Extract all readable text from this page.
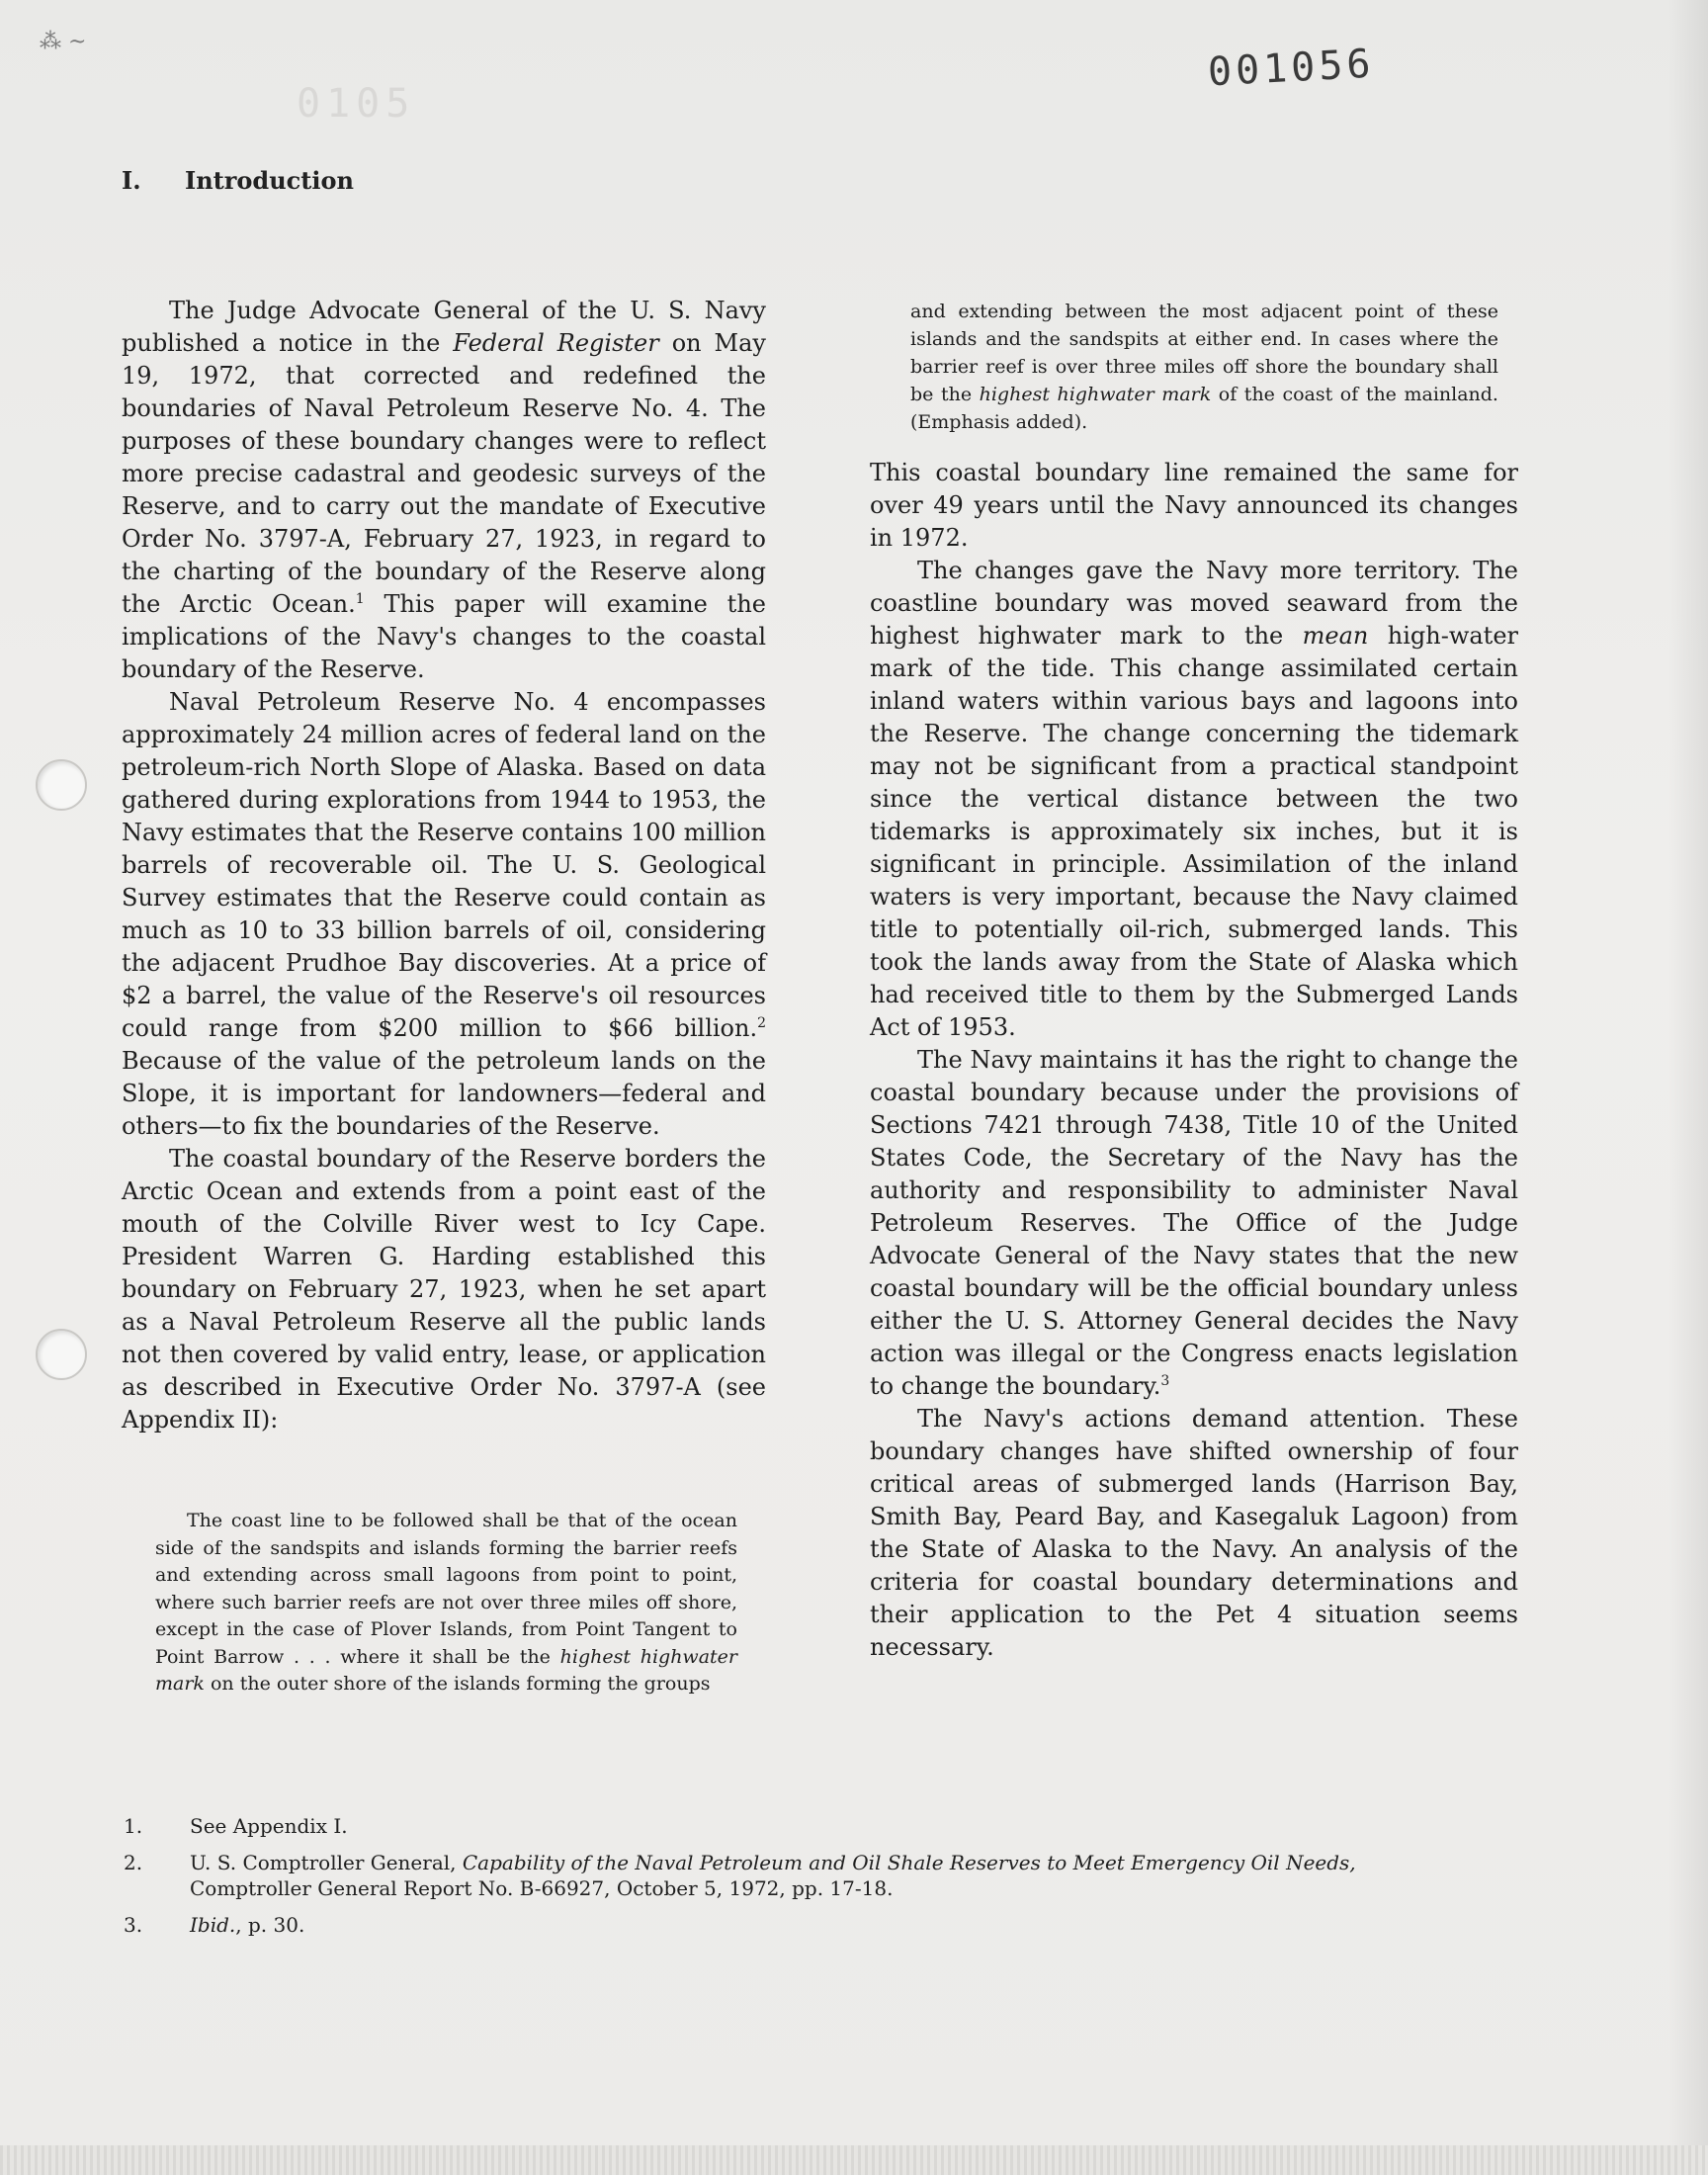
⁂ ~
0105
001056
I. Introduction

The Judge Advocate General of the U. S. Navy published a notice in the Federal Register on May 19, 1972, that corrected and redefined the boundaries of Naval Petroleum Reserve No. 4. The purposes of these boundary changes were to reflect more precise cadastral and geodesic surveys of the Reserve, and to carry out the mandate of Executive Order No. 3797-A, February 27, 1923, in regard to the charting of the boundary of the Reserve along the Arctic Ocean.$^1$ This paper will examine the implications of the Navy's changes to the coastal boundary of the Reserve.

Naval Petroleum Reserve No. 4 encompasses approximately 24 million acres of federal land on the petroleum-rich North Slope of Alaska. Based on data gathered during explorations from 1944 to 1953, the Navy estimates that the Reserve contains 100 million barrels of recoverable oil. The U. S. Geological Survey estimates that the Reserve could contain as much as 10 to 33 billion barrels of oil, considering the adjacent Prudhoe Bay discoveries. At a price of $2 a barrel, the value of the Reserve's oil resources could range from $200 million to $66 billion.$^2$ Because of the value of the petroleum lands on the Slope, it is important for landowners—federal and others—to fix the boundaries of the Reserve.

The coastal boundary of the Reserve borders the Arctic Ocean and extends from a point east of the mouth of the Colville River west to Icy Cape. President Warren G. Harding established this boundary on February 27, 1923, when he set apart as a Naval Petroleum Reserve all the public lands not then covered by valid entry, lease, or application as described in Executive Order No. 3797-A (see Appendix II):

The coast line to be followed shall be that of the ocean side of the sandspits and islands forming the barrier reefs and extending across small lagoons from point to point, where such barrier reefs are not over three miles off shore, except in the case of Plover Islands, from Point Tangent to Point Barrow . . . where it shall be the highest highwater mark on the outer shore of the islands forming the groups
and extending between the most adjacent point of these islands and the sandspits at either end. In cases where the barrier reef is over three miles off shore the boundary shall be the highest highwater mark of the coast of the mainland. (Emphasis added).

This coastal boundary line remained the same for over 49 years until the Navy announced its changes in 1972.

The changes gave the Navy more territory. The coastline boundary was moved seaward from the highest highwater mark to the mean high-water mark of the tide. This change assimilated certain inland waters within various bays and lagoons into the Reserve. The change concerning the tidemark may not be significant from a practical standpoint since the vertical distance between the two tidemarks is approximately six inches, but it is significant in principle. Assimilation of the inland waters is very important, because the Navy claimed title to potentially oil-rich, submerged lands. This took the lands away from the State of Alaska which had received title to them by the Submerged Lands Act of 1953.

The Navy maintains it has the right to change the coastal boundary because under the provisions of Sections 7421 through 7438, Title 10 of the United States Code, the Secretary of the Navy has the authority and responsibility to administer Naval Petroleum Reserves. The Office of the Judge Advocate General of the Navy states that the new coastal boundary will be the official boundary unless either the U. S. Attorney General decides the Navy action was illegal or the Congress enacts legislation to change the boundary.$^3$

The Navy's actions demand attention. These boundary changes have shifted ownership of four critical areas of submerged lands (Harrison Bay, Smith Bay, Peard Bay, and Kasegaluk Lagoon) from the State of Alaska to the Navy. An analysis of the criteria for coastal boundary determinations and their application to the Pet 4 situation seems necessary.

1.	See Appendix I.
2.	U. S. Comptroller General, Capability of the Naval Petroleum and Oil Shale Reserves to Meet Emergency Oil Needs, Comptroller General Report No. B-66927, October 5, 1972, pp. 17-18.
3.	Ibid., p. 30.
